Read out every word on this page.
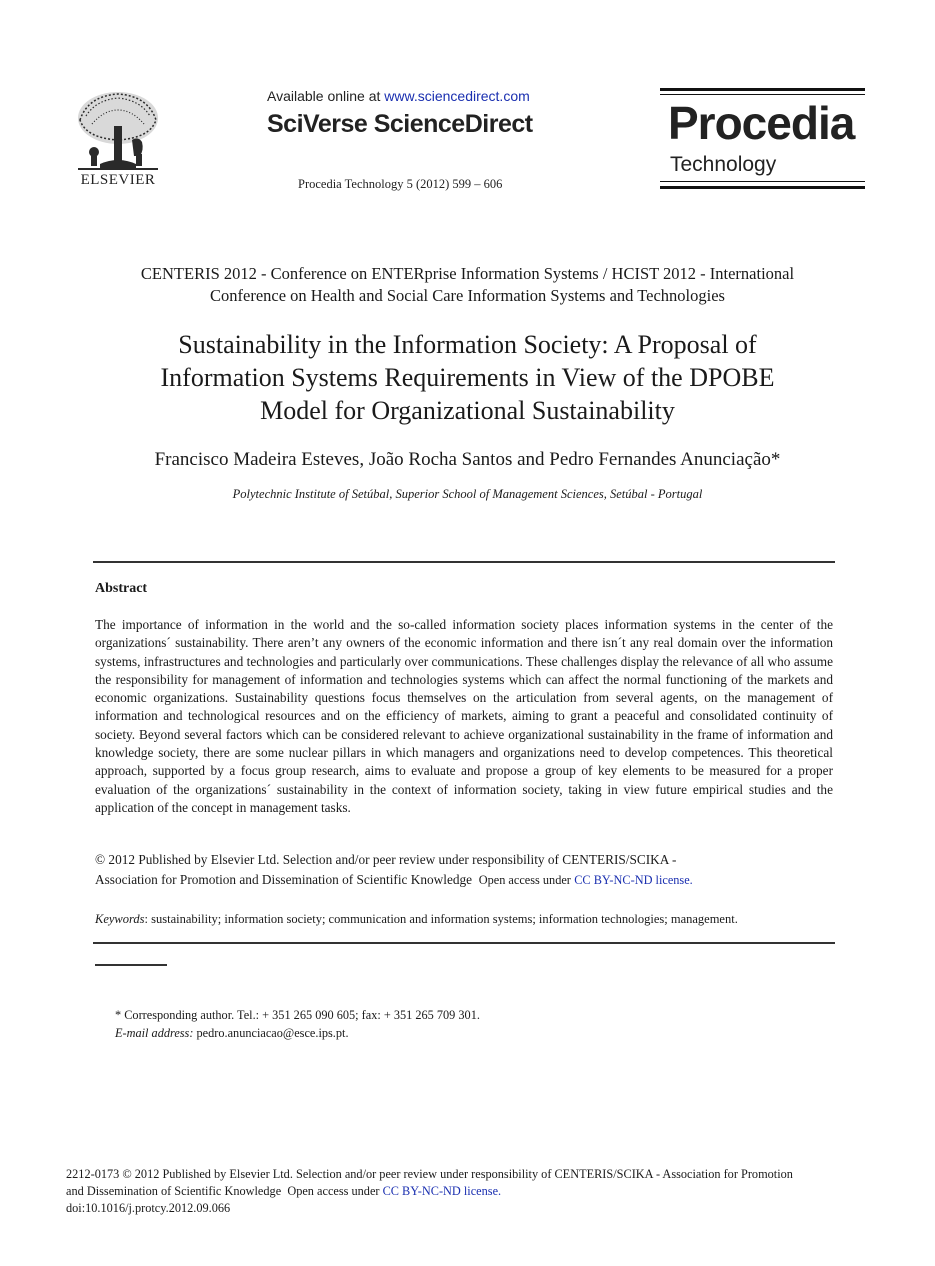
ELSEVIER
Available online at www.sciencedirect.com
SciVerse ScienceDirect
Procedia Technology 5 (2012) 599 – 606
Procedia
Technology
CENTERIS 2012 - Conference on ENTERprise Information Systems / HCIST 2012 - International
Conference on Health and Social Care Information Systems and Technologies
Sustainability in the Information Society: A Proposal of
Information Systems Requirements in View of the DPOBE
Model for Organizational Sustainability
Francisco Madeira Esteves, João Rocha Santos and Pedro Fernandes Anunciação*
Polytechnic Institute of Setúbal, Superior School of Management Sciences, Setúbal - Portugal
Abstract
The importance of information in the world and the so-called information society places information systems in the center of the organizations´ sustainability. There aren’t any owners of the economic information and there isn´t any real domain over the information systems, infrastructures and technologies and particularly over communications. These challenges display the relevance of all who assume the responsibility for management of information and technologies systems which can affect the normal functioning of the markets and economic organizations. Sustainability questions focus themselves on the articulation from several agents, on the management of information and technological resources and on the efficiency of markets, aiming to grant a peaceful and consolidated continuity of society. Beyond several factors which can be considered relevant to achieve organizational sustainability in the frame of information and knowledge society, there are some nuclear pillars in which managers and organizations need to develop competences. This theoretical approach, supported by a focus group research, aims to evaluate and propose a group of key elements to be measured for a proper evaluation of the organizations´ sustainability in the context of information society, taking in view future empirical studies and the application of the concept in management tasks.
© 2012 Published by Elsevier Ltd. Selection and/or peer review under responsibility of CENTERIS/SCIKA -
Association for Promotion and Dissemination of Scientific Knowledge Open access under CC BY-NC-ND license.
Keywords: sustainability; information society; communication and information systems; information technologies; management.
* Corresponding author. Tel.: + 351 265 090 605; fax: + 351 265 709 301.
E-mail address: pedro.anunciacao@esce.ips.pt.
2212-0173 © 2012 Published by Elsevier Ltd. Selection and/or peer review under responsibility of CENTERIS/SCIKA - Association for Promotion
and Dissemination of Scientific Knowledge Open access under CC BY-NC-ND license.
doi:10.1016/j.protcy.2012.09.066
